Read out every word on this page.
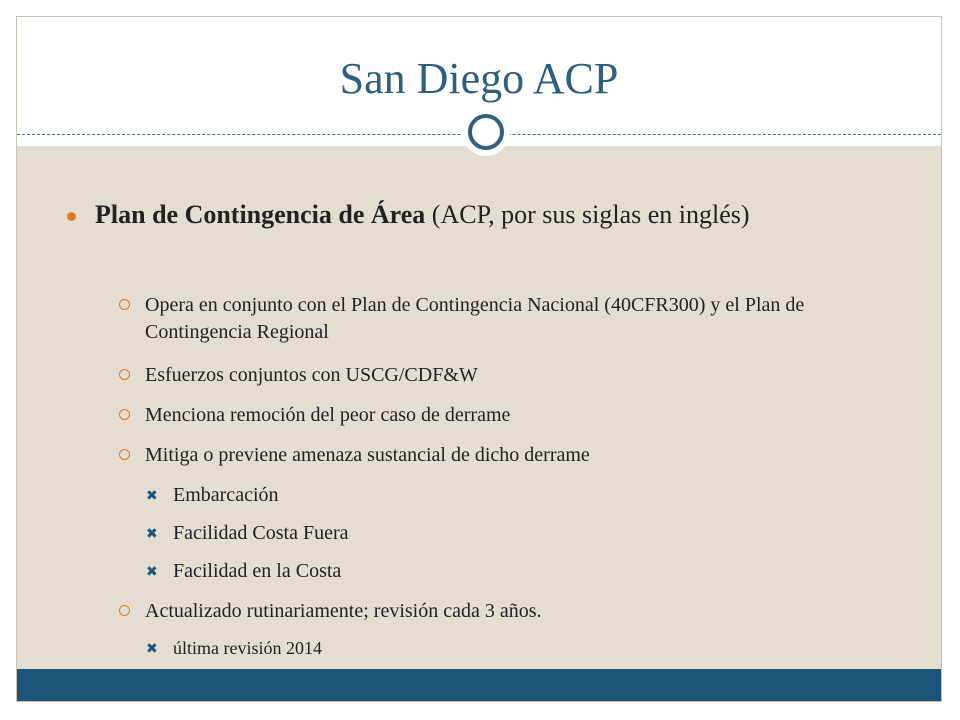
San Diego ACP
Plan de Contingencia de Área (ACP, por sus siglas en inglés)
Opera en conjunto con el Plan de Contingencia Nacional (40CFR300) y el Plan de Contingencia Regional
Esfuerzos conjuntos con USCG/CDF&W
Menciona remoción del peor caso de derrame
Mitiga o previene amenaza sustancial de dicho derrame
✖ Embarcación
✖ Facilidad Costa Fuera
✖ Facilidad en la Costa
Actualizado rutinariamente; revisión cada 3 años.
✖ última revisión 2014
